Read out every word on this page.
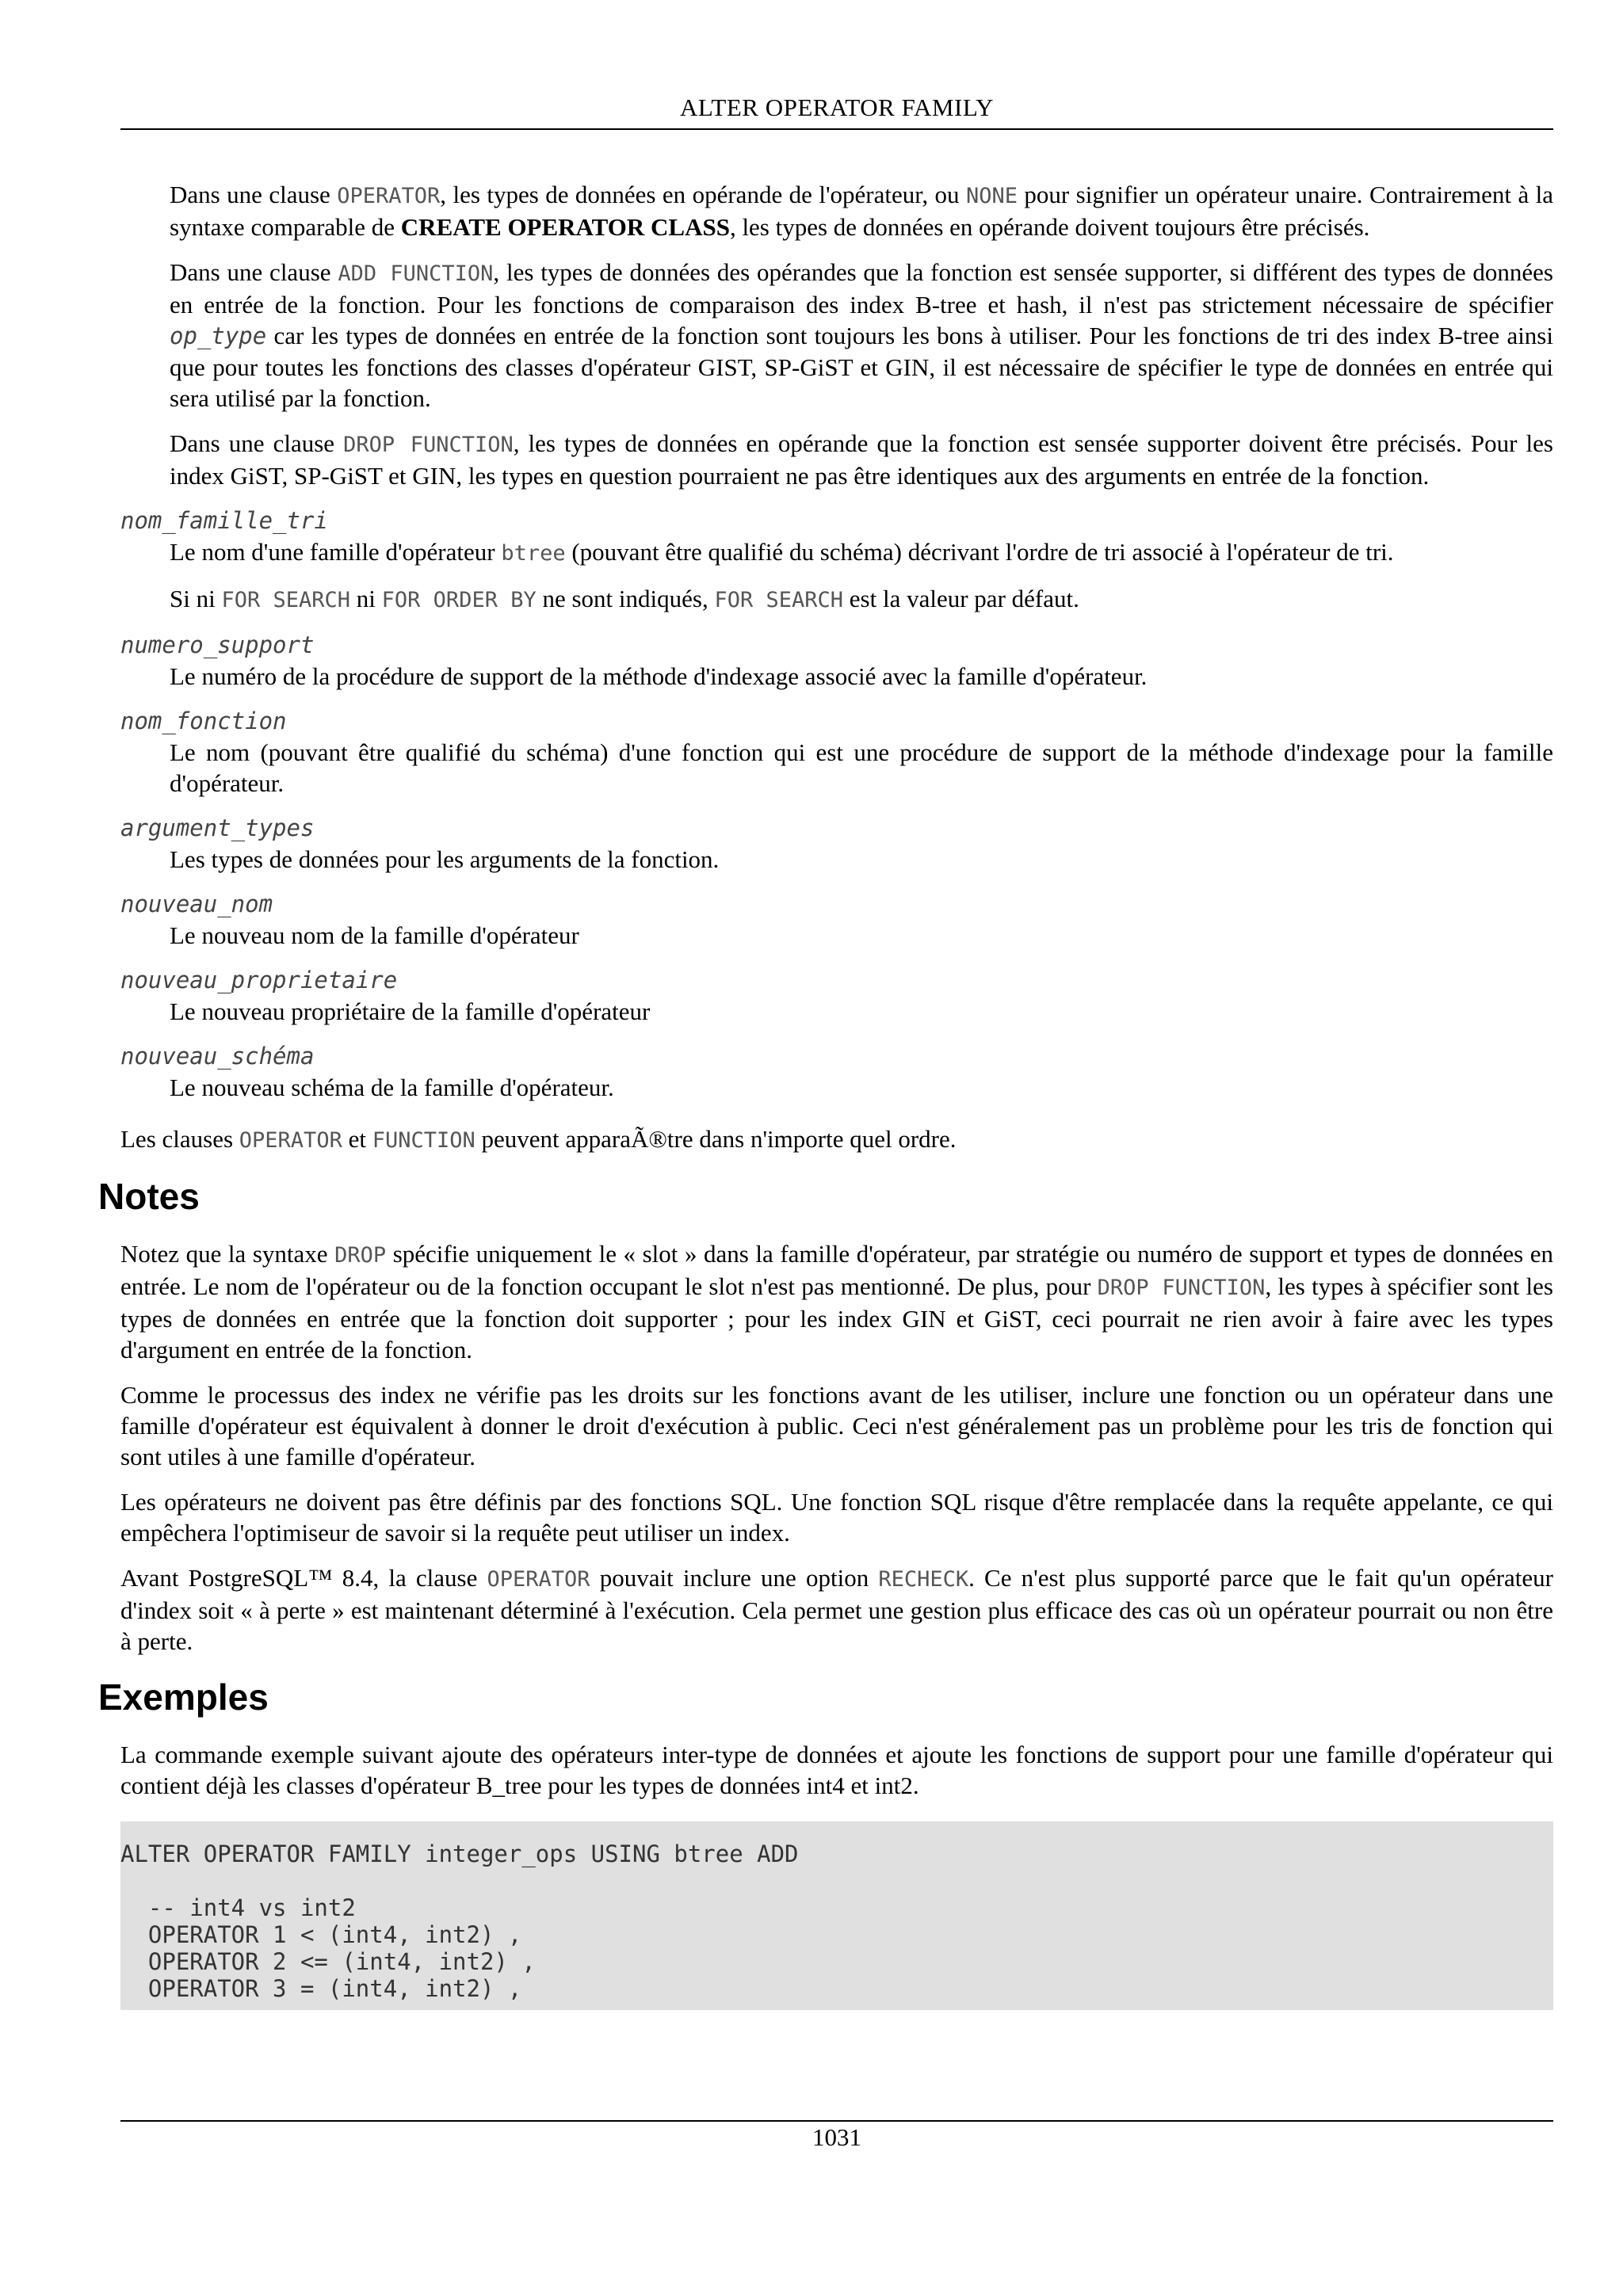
ALTER OPERATOR FAMILY

Dans une clause OPERATOR, les types de données en opérande de l'opérateur, ou NONE pour signifier un opérateur unaire. Contrairement à la syntaxe comparable de CREATE OPERATOR CLASS, les types de données en opérande doivent toujours être précisés.

Dans une clause ADD FUNCTION, les types de données des opérandes que la fonction est sensée supporter, si différent des types de données en entrée de la fonction. Pour les fonctions de comparaison des index B-tree et hash, il n'est pas strictement nécessaire de spécifier op_type car les types de données en entrée de la fonction sont toujours les bons à utiliser. Pour les fonctions de tri des index B-tree ainsi que pour toutes les fonctions des classes d'opérateur GIST, SP-GiST et GIN, il est nécessaire de spécifier le type de données en entrée qui sera utilisé par la fonction.

Dans une clause DROP FUNCTION, les types de données en opérande que la fonction est sensée supporter doivent être précisés. Pour les index GiST, SP-GiST et GIN, les types en question pourraient ne pas être identiques aux des arguments en entrée de la fonction.

nom_famille_tri

Le nom d'une famille d'opérateur btree (pouvant être qualifié du schéma) décrivant l'ordre de tri associé à l'opérateur de tri.

Si ni FOR SEARCH ni FOR ORDER BY ne sont indiqués, FOR SEARCH est la valeur par défaut.

numero_support

Le numéro de la procédure de support de la méthode d'indexage associé avec la famille d'opérateur.

nom_fonction

Le nom (pouvant être qualifié du schéma) d'une fonction qui est une procédure de support de la méthode d'indexage pour la famille d'opérateur.

argument_types

Les types de données pour les arguments de la fonction.

nouveau_nom

Le nouveau nom de la famille d'opérateur

nouveau_proprietaire

Le nouveau propriétaire de la famille d'opérateur

nouveau_schéma

Le nouveau schéma de la famille d'opérateur.

Les clauses OPERATOR et FUNCTION peuvent apparaÃ®tre dans n'importe quel ordre.

Notes

Notez que la syntaxe DROP spécifie uniquement le « slot » dans la famille d'opérateur, par stratégie ou numéro de support et types de données en entrée. Le nom de l'opérateur ou de la fonction occupant le slot n'est pas mentionné. De plus, pour DROP FUNCTION, les types à spécifier sont les types de données en entrée que la fonction doit supporter ; pour les index GIN et GiST, ceci pourrait ne rien avoir à faire avec les types d'argument en entrée de la fonction.

Comme le processus des index ne vérifie pas les droits sur les fonctions avant de les utiliser, inclure une fonction ou un opérateur dans une famille d'opérateur est équivalent à donner le droit d'exécution à public. Ceci n'est généralement pas un problème pour les tris de fonction qui sont utiles à une famille d'opérateur.

Les opérateurs ne doivent pas être définis par des fonctions SQL. Une fonction SQL risque d'être remplacée dans la requête appelante, ce qui empêchera l'optimiseur de savoir si la requête peut utiliser un index.

Avant PostgreSQL™ 8.4, la clause OPERATOR pouvait inclure une option RECHECK. Ce n'est plus supporté parce que le fait qu'un opérateur d'index soit « à perte » est maintenant déterminé à l'exécution. Cela permet une gestion plus efficace des cas où un opérateur pourrait ou non être à perte.

Exemples

La commande exemple suivant ajoute des opérateurs inter-type de données et ajoute les fonctions de support pour une famille d'opérateur qui contient déjà les classes d'opérateur B_tree pour les types de données int4 et int2.

ALTER OPERATOR FAMILY integer_ops USING btree ADD
-- int4 vs int2
OPERATOR 1 < (int4, int2) ,
OPERATOR 2 <= (int4, int2) ,
OPERATOR 3 = (int4, int2) ,
1031
